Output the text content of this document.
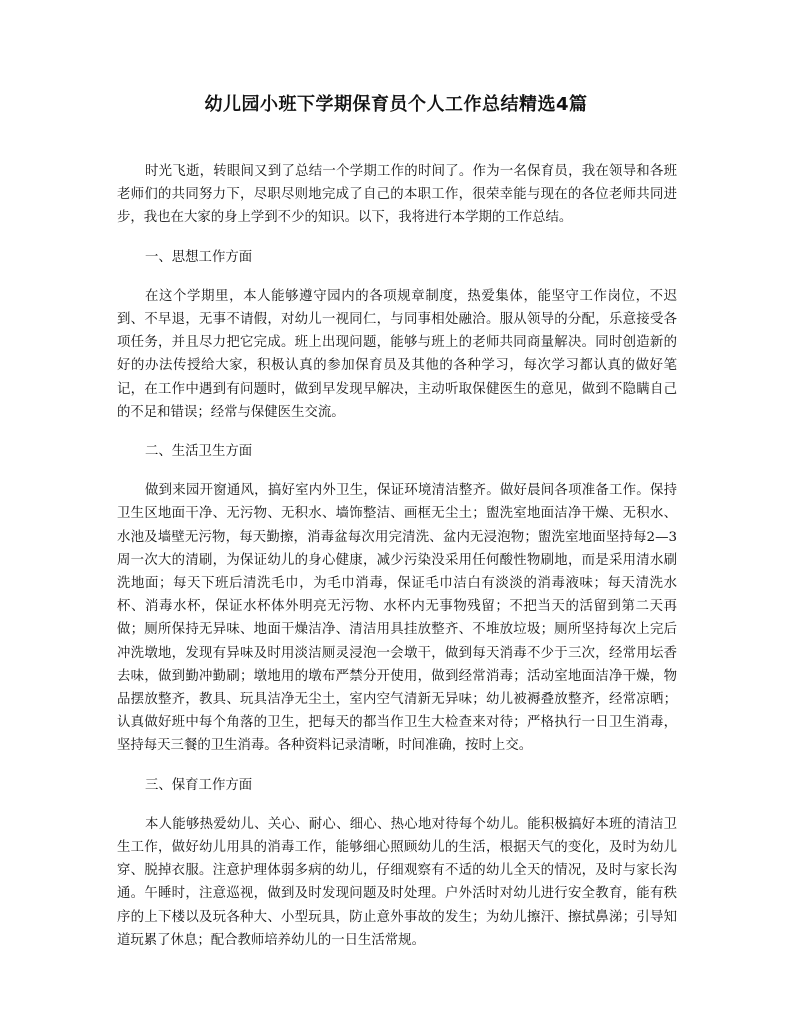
幼儿园小班下学期保育员个人工作总结精选4篇

时光飞逝，转眼间又到了总结一个学期工作的时间了。作为一名保育员，我在领导和各班老师们的共同努力下，尽职尽则地完成了自己的本职工作，很荣幸能与现在的各位老师共同进步，我也在大家的身上学到不少的知识。以下，我将进行本学期的工作总结。

一、思想工作方面

在这个学期里，本人能够遵守园内的各项规章制度，热爱集体，能坚守工作岗位，不迟到、不早退，无事不请假，对幼儿一视同仁，与同事相处融洽。服从领导的分配，乐意接受各项任务，并且尽力把它完成。班上出现问题，能够与班上的老师共同商量解决。同时创造新的好的办法传授给大家，积极认真的参加保育员及其他的各种学习，每次学习都认真的做好笔记，在工作中遇到有问题时，做到早发现早解决，主动听取保健医生的意见，做到不隐瞒自己的不足和错误；经常与保健医生交流。

二、生活卫生方面

做到来园开窗通风，搞好室内外卫生，保证环境清洁整齐。做好晨间各项准备工作。保持卫生区地面干净、无污物、无积水、墙饰整洁、画框无尘土；盥洗室地面洁净干燥、无积水、水池及墙壁无污物，每天勤擦，消毒盆每次用完清洗、盆内无浸泡物；盥洗室地面坚持每2—3周一次大的清刷，为保证幼儿的身心健康，减少污染没采用任何酸性物刷地，而是采用清水刷洗地面；每天下班后清洗毛巾，为毛巾消毒，保证毛巾洁白有淡淡的消毒液味；每天清洗水杯、消毒水杯，保证水杯体外明亮无污物、水杯内无事物残留；不把当天的活留到第二天再做；厕所保持无异味、地面干燥洁净、清洁用具挂放整齐、不堆放垃圾；厕所坚持每次上完后冲洗墩地，发现有异味及时用淡洁厕灵浸泡一会墩干，做到每天消毒不少于三次，经常用坛香去味，做到勤冲勤刷；墩地用的墩布严禁分开使用，做到经常消毒；活动室地面洁净干燥，物品摆放整齐，教具、玩具洁净无尘土，室内空气清新无异味；幼儿被褥叠放整齐，经常凉晒；认真做好班中每个角落的卫生，把每天的都当作卫生大检查来对待；严格执行一日卫生消毒，坚持每天三餐的卫生消毒。各种资料记录清晰，时间准确，按时上交。

三、保育工作方面

本人能够热爱幼儿、关心、耐心、细心、热心地对待每个幼儿。能积极搞好本班的清洁卫生工作，做好幼儿用具的消毒工作，能够细心照顾幼儿的生活，根据天气的变化，及时为幼儿穿、脱掉衣服。注意护理体弱多病的幼儿，仔细观察有不适的幼儿全天的情况，及时与家长沟通。午睡时，注意巡视，做到及时发现问题及时处理。户外活时对幼儿进行安全教育，能有秩序的上下楼以及玩各种大、小型玩具，防止意外事故的发生；为幼儿擦汗、擦拭鼻涕；引导知道玩累了休息；配合教师培养幼儿的一日生活常规。
